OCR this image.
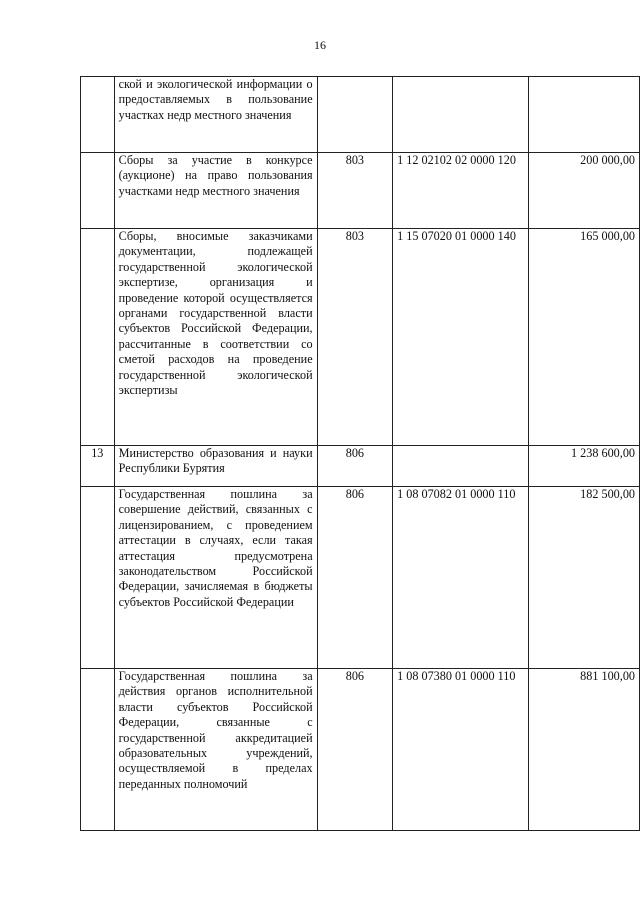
16

	ской и экологической информации о предоставляемых в пользование участках недр местного значения			

	Сборы за участие в конкурсе (аукционе) на право пользования участками недр местного значения	803	1 12 02102 02 0000 120	200 000,00

	Сборы, вносимые заказчиками документации, подлежащей государственной экологической экспертизе, организация и проведение которой осуществляется органами государственной власти субъектов Российской Федерации, рассчитанные в соответствии со сметой расходов на проведение государственной экологической экспертизы	803	1 15 07020 01 0000 140	165 000,00
13	Министерство образования и науки Республики Бурятия	806		1 238 600,00

	Государственная пошлина за совершение действий, связанных с лицензированием, с проведением аттестации в случаях, если такая аттестация предусмотрена законодательством Российской Федерации, зачисляемая в бюджеты субъектов Российской Федерации	806	1 08 07082 01 0000 110	182 500,00

	Государственная пошлина за действия органов исполнительной власти субъектов Российской Федерации, связанные с государственной аккредитацией образовательных учреждений, осуществляемой в пределах переданных полномочий	806	1 08 07380 01 0000 110	881 100,00
